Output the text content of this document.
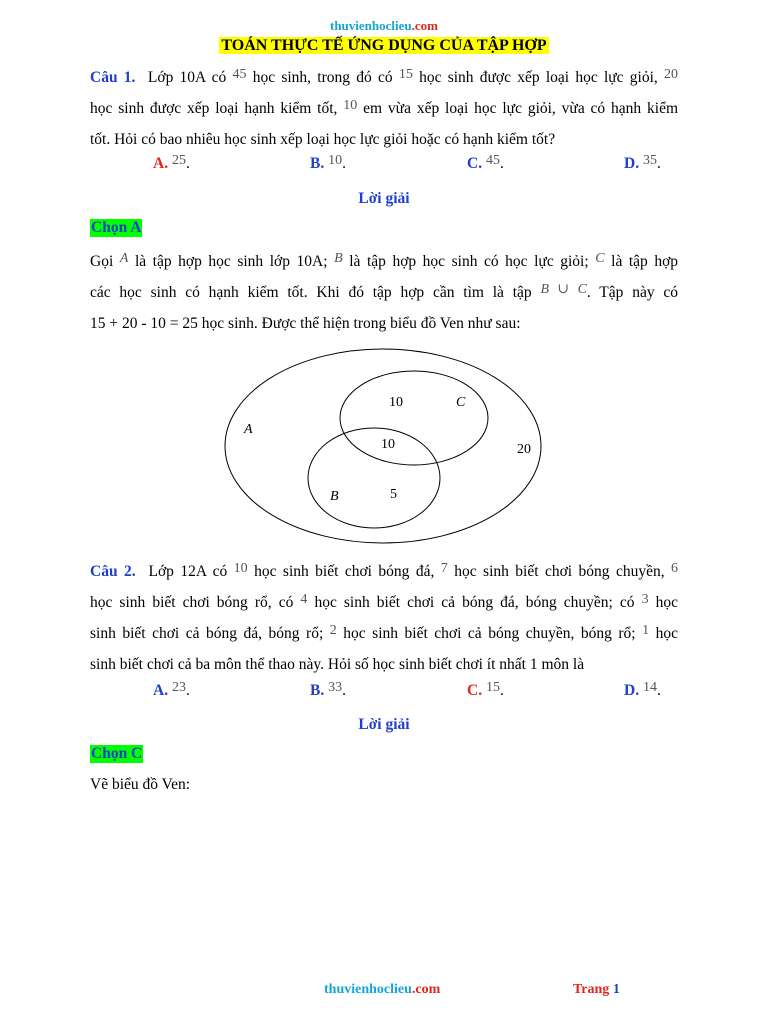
thuvienhoclieu.com
TOÁN THỰC TẾ ỨNG DỤNG CỦA TẬP HỢP
Câu 1. Lớp 10A có 45 học sinh, trong đó có 15 học sinh được xếp loại học lực giỏi, 20
học sinh được xếp loại hạnh kiểm tốt, 10 em vừa xếp loại học lực giỏi, vừa có hạnh kiểm
tốt. Hỏi có bao nhiêu học sinh xếp loại học lực giỏi hoặc có hạnh kiểm tốt?
A. 25.	B. 10.	C. 45.	D. 35.
Lời giải
Chọn A
Gọi A là tập hợp học sinh lớp 10A; B là tập hợp học sinh có học lực giỏi; C là tập hợp
các học sinh có hạnh kiểm tốt. Khi đó tập hợp cần tìm là tập B ∪ C. Tập này có
15 + 20 - 10 = 25 học sinh. Được thể hiện trong biểu đồ Ven như sau:
A
C
B
10
10
5
20
Câu 2. Lớp 12A có 10 học sinh biết chơi bóng đá, 7 học sinh biết chơi bóng chuyền, 6
học sinh biết chơi bóng rổ, có 4 học sinh biết chơi cả bóng đá, bóng chuyền; có 3 học
sinh biết chơi cả bóng đá, bóng rổ; 2 học sinh biết chơi cả bóng chuyền, bóng rổ; 1 học
sinh biết chơi cả ba môn thể thao này. Hỏi số học sinh biết chơi ít nhất 1 môn là
A. 23.	B. 33.	C. 15.	D. 14.
Lời giải
Chọn C
Vẽ biểu đồ Ven:
thuvienhoclieu.com	Trang 1
